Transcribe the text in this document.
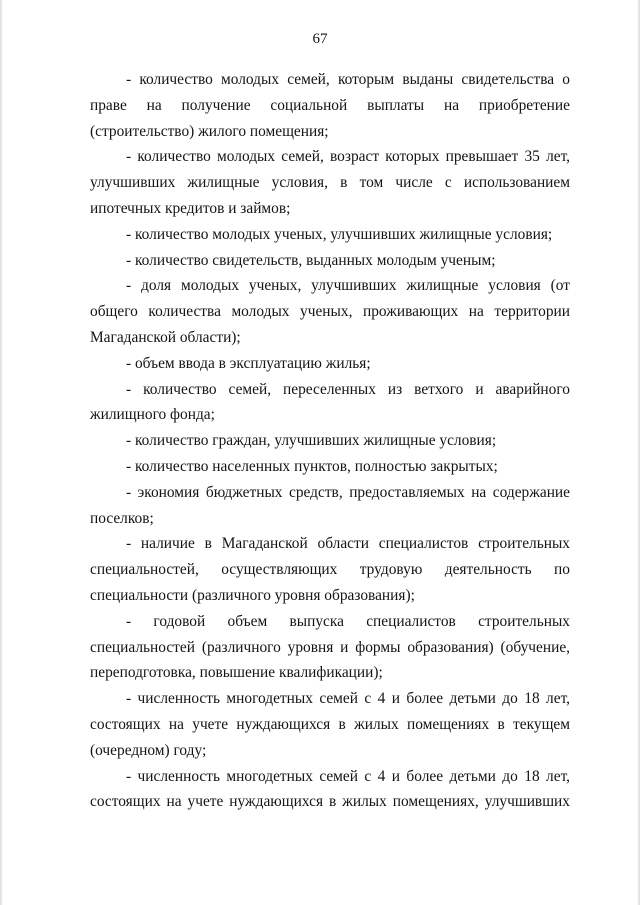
67

- количество молодых семей, которым выданы свидетельства о праве на получение социальной выплаты на приобретение (строительство) жилого помещения;

- количество молодых семей, возраст которых превышает 35 лет, улучшивших жилищные условия, в том числе с использованием ипотечных кредитов и займов;

- количество молодых ученых, улучшивших жилищные условия;

- количество свидетельств, выданных молодым ученым;

- доля молодых ученых, улучшивших жилищные условия (от общего количества молодых ученых, проживающих на территории Магаданской области);

- объем ввода в эксплуатацию жилья;

- количество семей, переселенных из ветхого и аварийного жилищного фонда;

- количество граждан, улучшивших жилищные условия;

- количество населенных пунктов, полностью закрытых;

- экономия бюджетных средств, предоставляемых на содержание поселков;

- наличие в Магаданской области специалистов строительных специальностей, осуществляющих трудовую деятельность по специальности (различного уровня образования);

- годовой объем выпуска специалистов строительных специальностей (различного уровня и формы образования) (обучение, переподготовка, повышение квалификации);

- численность многодетных семей с 4 и более детьми до 18 лет, состоящих на учете нуждающихся в жилых помещениях в текущем (очередном) году;

- численность многодетных семей с 4 и более детьми до 18 лет, состоящих на учете нуждающихся в жилых помещениях, улучшивших
